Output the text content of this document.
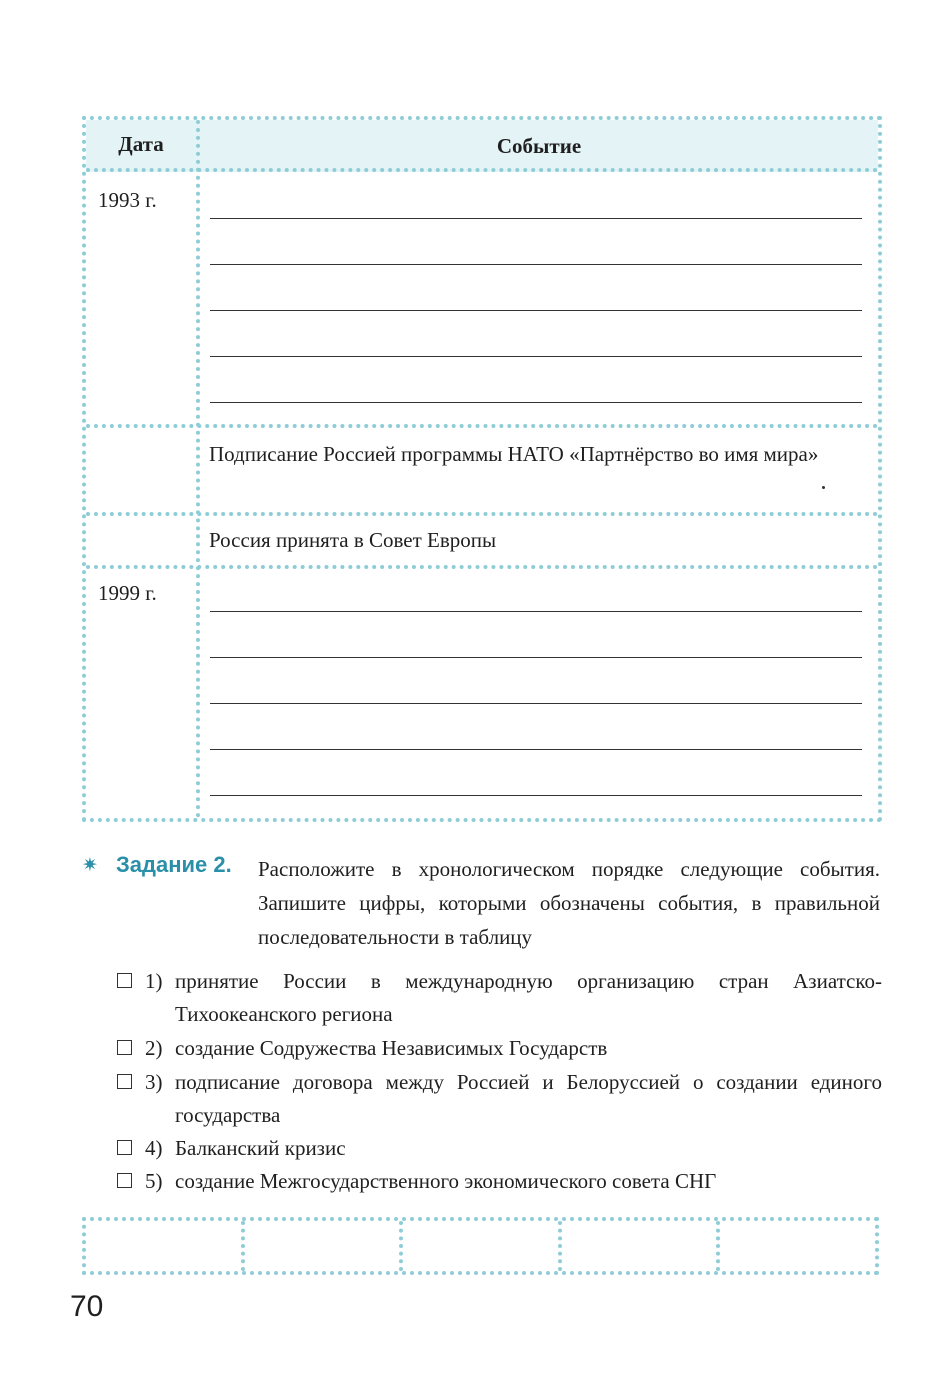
Дата	Событие
1993 г.
Подписание Россией программы НАТО «Партнёрство во имя мира»
Россия принята в Совет Европы
1999 г.
✷ Задание 2. Расположите в хронологическом порядке следующие события. Запишите цифры, которыми обозначены события, в правильной последовательности в таблицу
1) принятие России в международную организацию стран Азиатско-Тихоокеанского региона
2) создание Содружества Независимых Государств
3) подписание договора между Россией и Белоруссией о создании единого государства
4) Балканский кризис
5) создание Межгосударственного экономического совета СНГ
70
